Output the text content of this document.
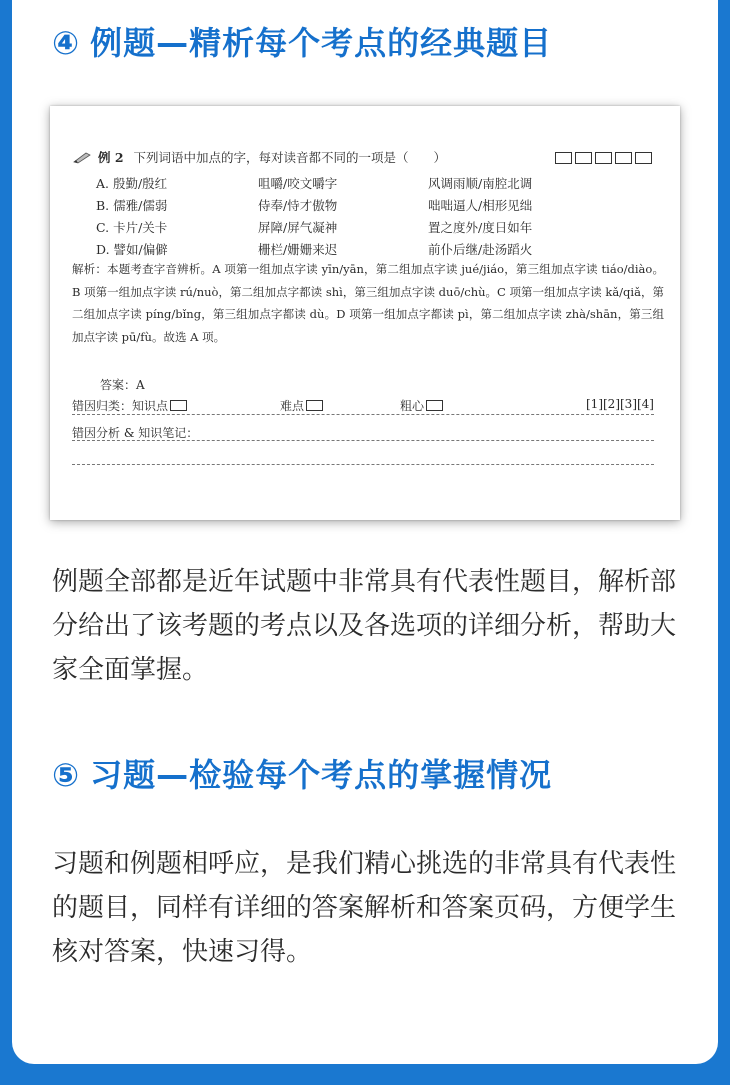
④ 例题—精析每个考点的经典题目
例 2 下列词语中加点的字，每对读音都不同的一项是（　　）
A. 殷勤/殷红	咀嚼/咬文嚼字	风调雨顺/南腔北调
B. 儒雅/儒弱	侍奉/恃才傲物	咄咄逼人/相形见绌
C. 卡片/关卡	屏障/屏气凝神	置之度外/度日如年
D. 譬如/偏僻	栅栏/姗姗来迟	前仆后继/赴汤蹈火
解析：本题考查字音辨析。A 项第一组加点字读 yīn/yān，第二组加点字读 jué/jiáo，第三组加点字读 tiáo/diào。B 项第一组加点字读 rú/nuò，第二组加点字都读 shì，第三组加点字读 duō/chù。C 项第一组加点字读 kǎ/qiǎ，第二组加点字读 píng/bǐng，第三组加点字都读 dù。D 项第一组加点字都读 pì，第二组加点字读 zhà/shān，第三组加点字读 pū/fù。故选 A 项。
答案：A
错因归类：知识点	难点	粗心	[1][2][3][4]
错因分析 & 知识笔记：

例题全部都是近年试题中非常具有代表性题目，解析部分给出了该考题的考点以及各选项的详细分析，帮助大家全面掌握。

⑤ 习题—检验每个考点的掌握情况

习题和例题相呼应，是我们精心挑选的非常具有代表性的题目，同样有详细的答案解析和答案页码，方便学生核对答案，快速习得。
